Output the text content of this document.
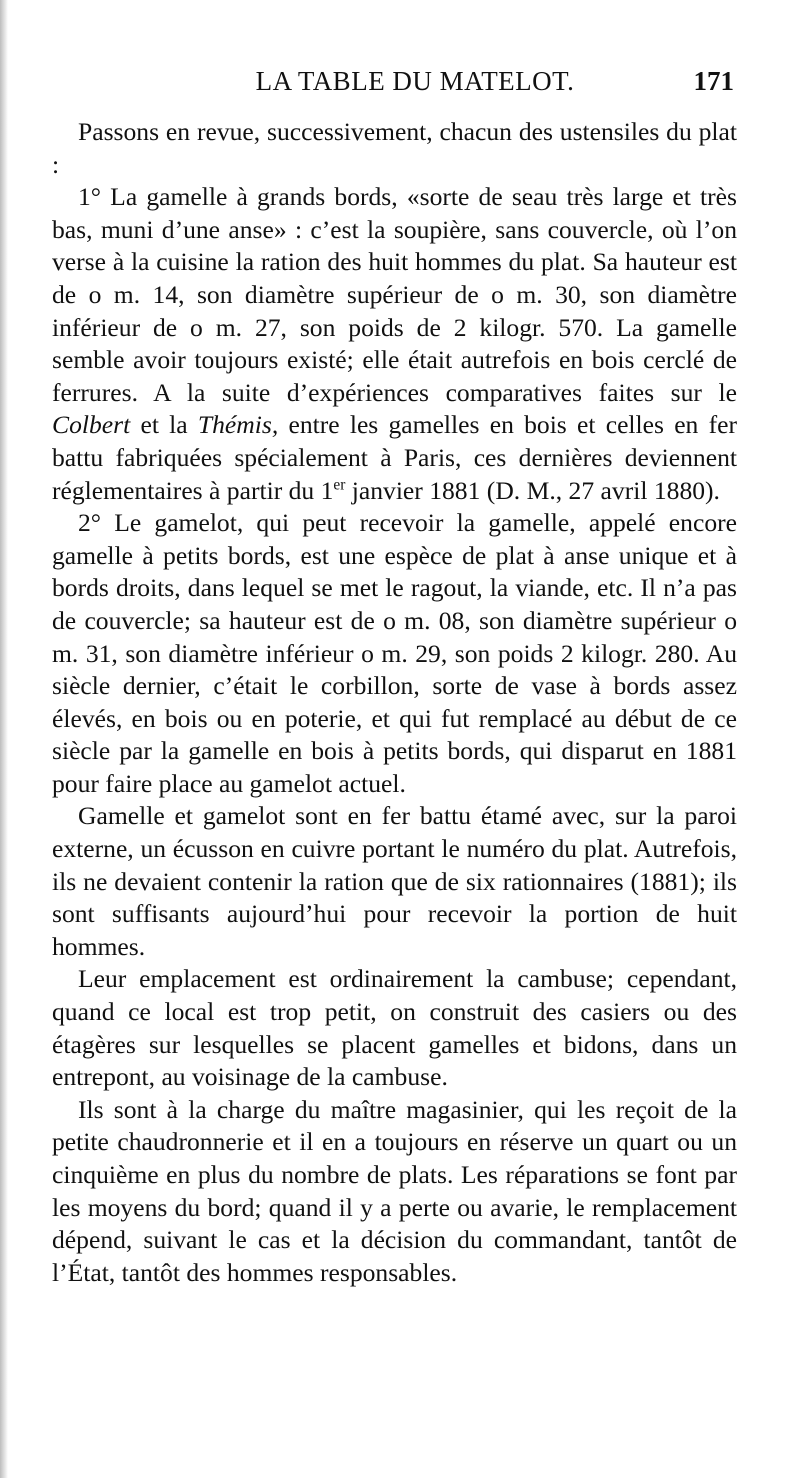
LA TABLE DU MATELOT.	171

Passons en revue, successivement, chacun des ustensiles du plat :

1° La gamelle à grands bords, «sorte de seau très large et très bas, muni d’une anse» : c’est la soupière, sans couvercle, où l’on verse à la cuisine la ration des huit hommes du plat. Sa hauteur est de o m. 14, son diamètre supérieur de o m. 30, son diamètre inférieur de o m. 27, son poids de 2 kilogr. 570. La gamelle semble avoir toujours existé; elle était autrefois en bois cerclé de ferrures. A la suite d’expériences comparatives faites sur le Colbert et la Thémis, entre les gamelles en bois et celles en fer battu fabriquées spécialement à Paris, ces dernières deviennent réglementaires à partir du 1er janvier 1881 (D. M., 27 avril 1880).

2° Le gamelot, qui peut recevoir la gamelle, appelé encore gamelle à petits bords, est une espèce de plat à anse unique et à bords droits, dans lequel se met le ragout, la viande, etc. Il n’a pas de couvercle; sa hauteur est de o m. 08, son diamètre supérieur o m. 31, son diamètre inférieur o m. 29, son poids 2 kilogr. 280. Au siècle dernier, c’était le corbillon, sorte de vase à bords assez élevés, en bois ou en poterie, et qui fut remplacé au début de ce siècle par la gamelle en bois à petits bords, qui disparut en 1881 pour faire place au gamelot actuel.

Gamelle et gamelot sont en fer battu étamé avec, sur la paroi externe, un écusson en cuivre portant le numéro du plat. Autrefois, ils ne devaient contenir la ration que de six rationnaires (1881); ils sont suffisants aujourd’hui pour recevoir la portion de huit hommes.

Leur emplacement est ordinairement la cambuse; cependant, quand ce local est trop petit, on construit des casiers ou des étagères sur lesquelles se placent gamelles et bidons, dans un entrepont, au voisinage de la cambuse.

Ils sont à la charge du maître magasinier, qui les reçoit de la petite chaudronnerie et il en a toujours en réserve un quart ou un cinquième en plus du nombre de plats. Les réparations se font par les moyens du bord; quand il y a perte ou avarie, le remplacement dépend, suivant le cas et la décision du commandant, tantôt de l’État, tantôt des hommes responsables.
